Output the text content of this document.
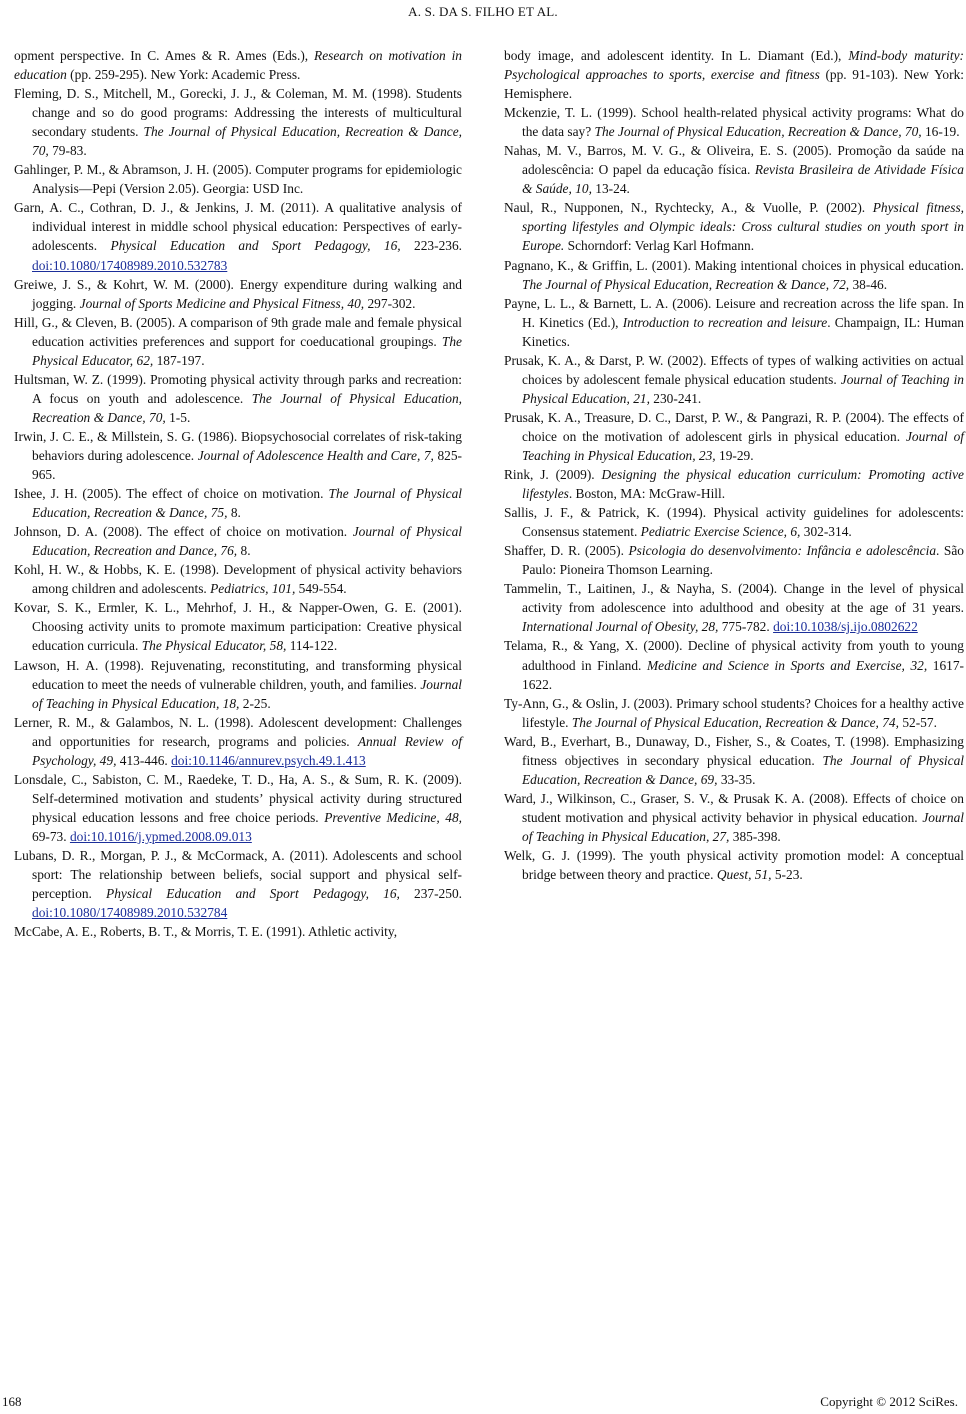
A. S. DA S. FILHO ET AL.

opment perspective. In C. Ames & R. Ames (Eds.), Research on motivation in education (pp. 259-295). New York: Academic Press.

Fleming, D. S., Mitchell, M., Gorecki, J. J., & Coleman, M. M. (1998). Students change and so do good programs: Addressing the interests of multicultural secondary students. The Journal of Physical Education, Recreation & Dance, 70, 79-83.

Gahlinger, P. M., & Abramson, J. H. (2005). Computer programs for epidemiologic Analysis—Pepi (Version 2.05). Georgia: USD Inc.

Garn, A. C., Cothran, D. J., & Jenkins, J. M. (2011). A qualitative analysis of individual interest in middle school physical education: Perspectives of early-adolescents. Physical Education and Sport Pedagogy, 16, 223-236. doi:10.1080/17408989.2010.532783

Greiwe, J. S., & Kohrt, W. M. (2000). Energy expenditure during walking and jogging. Journal of Sports Medicine and Physical Fitness, 40, 297-302.

Hill, G., & Cleven, B. (2005). A comparison of 9th grade male and female physical education activities preferences and support for coeducational groupings. The Physical Educator, 62, 187-197.

Hultsman, W. Z. (1999). Promoting physical activity through parks and recreation: A focus on youth and adolescence. The Journal of Physical Education, Recreation & Dance, 70, 1-5.

Irwin, J. C. E., & Millstein, S. G. (1986). Biopsychosocial correlates of risk-taking behaviors during adolescence. Journal of Adolescence Health and Care, 7, 825-965.

Ishee, J. H. (2005). The effect of choice on motivation. The Journal of Physical Education, Recreation & Dance, 75, 8.

Johnson, D. A. (2008). The effect of choice on motivation. Journal of Physical Education, Recreation and Dance, 76, 8.

Kohl, H. W., & Hobbs, K. E. (1998). Development of physical activity behaviors among children and adolescents. Pediatrics, 101, 549-554.

Kovar, S. K., Ermler, K. L., Mehrhof, J. H., & Napper-Owen, G. E. (2001). Choosing activity units to promote maximum participation: Creative physical education curricula. The Physical Educator, 58, 114-122.

Lawson, H. A. (1998). Rejuvenating, reconstituting, and transforming physical education to meet the needs of vulnerable children, youth, and families. Journal of Teaching in Physical Education, 18, 2-25.

Lerner, R. M., & Galambos, N. L. (1998). Adolescent development: Challenges and opportunities for research, programs and policies. Annual Review of Psychology, 49, 413-446. doi:10.1146/annurev.psych.49.1.413

Lonsdale, C., Sabiston, C. M., Raedeke, T. D., Ha, A. S., & Sum, R. K. (2009). Self-determined motivation and students’ physical activity during structured physical education lessons and free choice periods. Preventive Medicine, 48, 69-73. doi:10.1016/j.ypmed.2008.09.013

Lubans, D. R., Morgan, P. J., & McCormack, A. (2011). Adolescents and school sport: The relationship between beliefs, social support and physical self-perception. Physical Education and Sport Pedagogy, 16, 237-250. doi:10.1080/17408989.2010.532784

McCabe, A. E., Roberts, B. T., & Morris, T. E. (1991). Athletic activity,

body image, and adolescent identity. In L. Diamant (Ed.), Mind-body maturity: Psychological approaches to sports, exercise and fitness (pp. 91-103). New York: Hemisphere.

Mckenzie, T. L. (1999). School health-related physical activity programs: What do the data say? The Journal of Physical Education, Recreation & Dance, 70, 16-19.

Nahas, M. V., Barros, M. V. G., & Oliveira, E. S. (2005). Promoção da saúde na adolescência: O papel da educação física. Revista Brasileira de Atividade Física & Saúde, 10, 13-24.

Naul, R., Nupponen, N., Rychtecky, A., & Vuolle, P. (2002). Physical fitness, sporting lifestyles and Olympic ideals: Cross cultural studies on youth sport in Europe. Schorndorf: Verlag Karl Hofmann.

Pagnano, K., & Griffin, L. (2001). Making intentional choices in physical education. The Journal of Physical Education, Recreation & Dance, 72, 38-46.

Payne, L. L., & Barnett, L. A. (2006). Leisure and recreation across the life span. In H. Kinetics (Ed.), Introduction to recreation and leisure. Champaign, IL: Human Kinetics.

Prusak, K. A., & Darst, P. W. (2002). Effects of types of walking activities on actual choices by adolescent female physical education students. Journal of Teaching in Physical Education, 21, 230-241.

Prusak, K. A., Treasure, D. C., Darst, P. W., & Pangrazi, R. P. (2004). The effects of choice on the motivation of adolescent girls in physical education. Journal of Teaching in Physical Education, 23, 19-29.

Rink, J. (2009). Designing the physical education curriculum: Promoting active lifestyles. Boston, MA: McGraw-Hill.

Sallis, J. F., & Patrick, K. (1994). Physical activity guidelines for adolescents: Consensus statement. Pediatric Exercise Science, 6, 302-314.

Shaffer, D. R. (2005). Psicologia do desenvolvimento: Infância e adolescência. São Paulo: Pioneira Thomson Learning.

Tammelin, T., Laitinen, J., & Nayha, S. (2004). Change in the level of physical activity from adolescence into adulthood and obesity at the age of 31 years. International Journal of Obesity, 28, 775-782. doi:10.1038/sj.ijo.0802622

Telama, R., & Yang, X. (2000). Decline of physical activity from youth to young adulthood in Finland. Medicine and Science in Sports and Exercise, 32, 1617-1622.

Ty-Ann, G., & Oslin, J. (2003). Primary school students? Choices for a healthy active lifestyle. The Journal of Physical Education, Recreation & Dance, 74, 52-57.

Ward, B., Everhart, B., Dunaway, D., Fisher, S., & Coates, T. (1998). Emphasizing fitness objectives in secondary physical education. The Journal of Physical Education, Recreation & Dance, 69, 33-35.

Ward, J., Wilkinson, C., Graser, S. V., & Prusak K. A. (2008). Effects of choice on student motivation and physical activity behavior in physical education. Journal of Teaching in Physical Education, 27, 385-398.

Welk, G. J. (1999). The youth physical activity promotion model: A conceptual bridge between theory and practice. Quest, 51, 5-23.

168	Copyright © 2012 SciRes.
